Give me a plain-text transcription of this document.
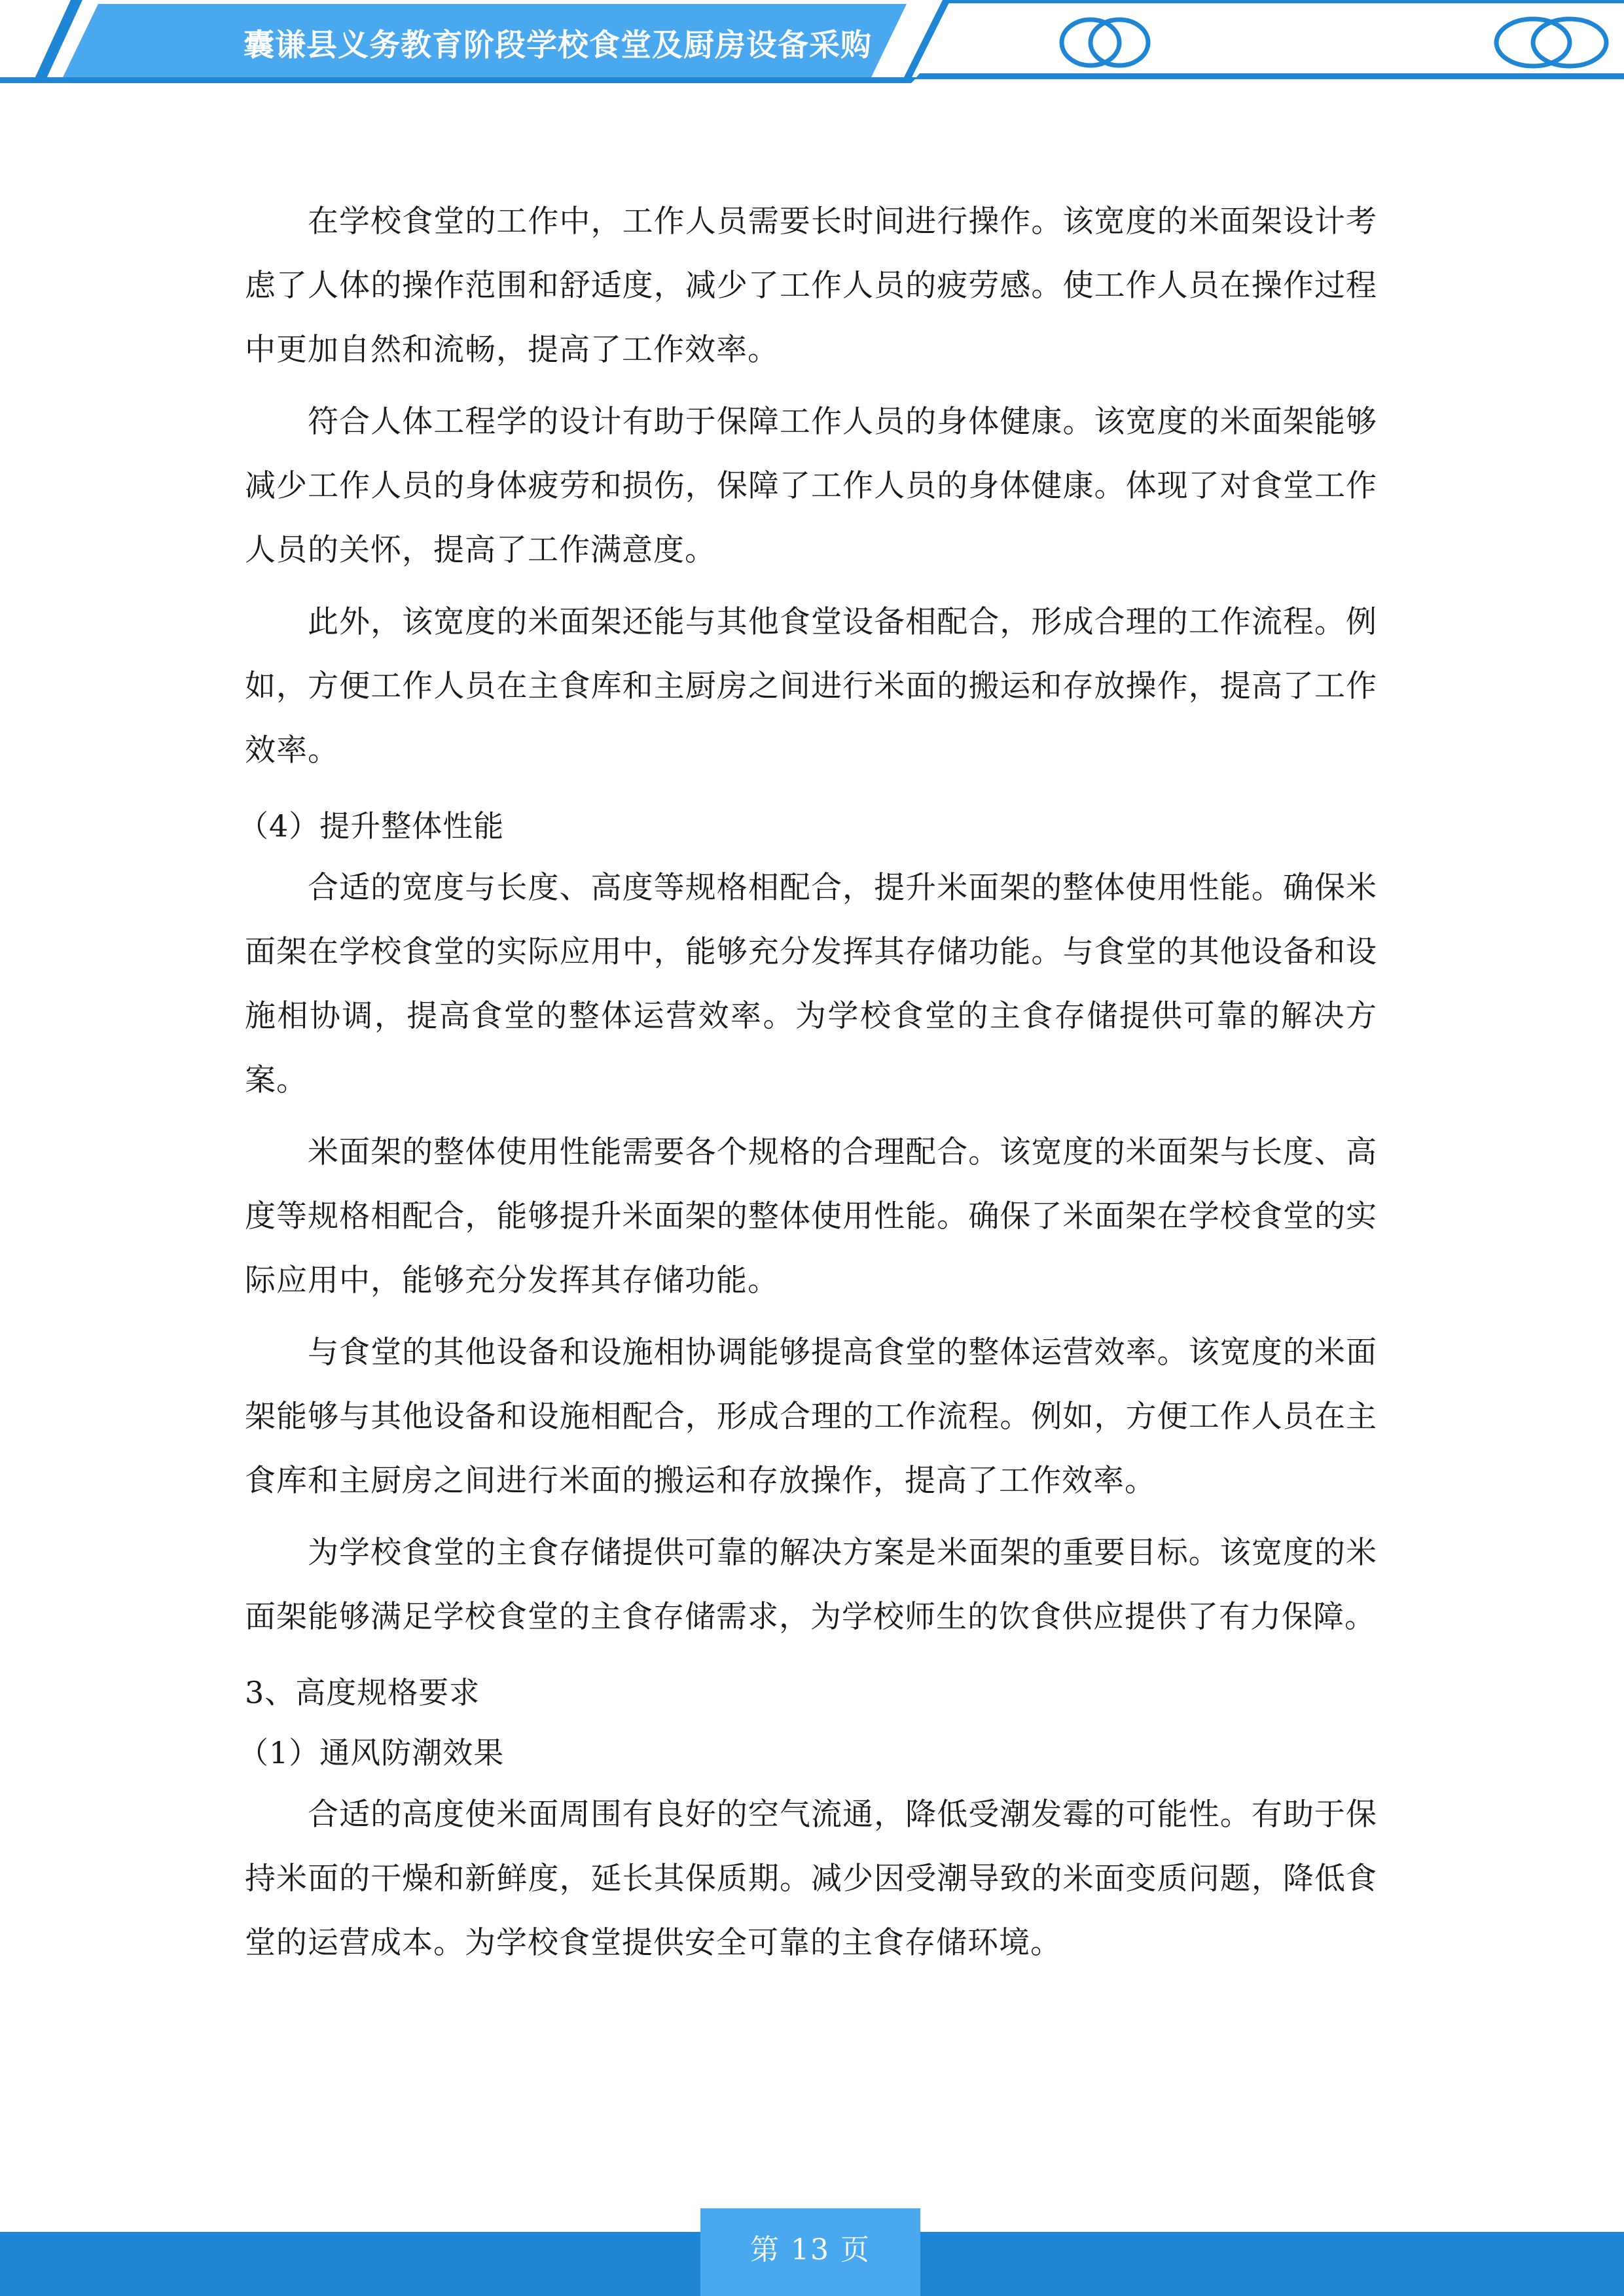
囊谦县义务教育阶段学校食堂及厨房设备采购

在学校食堂的工作中，工作人员需要长时间进行操作。该宽度的米面架设计考虑了人体的操作范围和舒适度，减少了工作人员的疲劳感。使工作人员在操作过程中更加自然和流畅，提高了工作效率。

符合人体工程学的设计有助于保障工作人员的身体健康。该宽度的米面架能够减少工作人员的身体疲劳和损伤，保障了工作人员的身体健康。体现了对食堂工作人员的关怀，提高了工作满意度。

此外，该宽度的米面架还能与其他食堂设备相配合，形成合理的工作流程。例如，方便工作人员在主食库和主厨房之间进行米面的搬运和存放操作，提高了工作效率。

（4）提升整体性能

合适的宽度与长度、高度等规格相配合，提升米面架的整体使用性能。确保米面架在学校食堂的实际应用中，能够充分发挥其存储功能。与食堂的其他设备和设施相协调，提高食堂的整体运营效率。为学校食堂的主食存储提供可靠的解决方案。

米面架的整体使用性能需要各个规格的合理配合。该宽度的米面架与长度、高度等规格相配合，能够提升米面架的整体使用性能。确保了米面架在学校食堂的实际应用中，能够充分发挥其存储功能。

与食堂的其他设备和设施相协调能够提高食堂的整体运营效率。该宽度的米面架能够与其他设备和设施相配合，形成合理的工作流程。例如，方便工作人员在主食库和主厨房之间进行米面的搬运和存放操作，提高了工作效率。

为学校食堂的主食存储提供可靠的解决方案是米面架的重要目标。该宽度的米面架能够满足学校食堂的主食存储需求，为学校师生的饮食供应提供了有力保障。

3、高度规格要求

（1）通风防潮效果

合适的高度使米面周围有良好的空气流通，降低受潮发霉的可能性。有助于保持米面的干燥和新鲜度，延长其保质期。减少因受潮导致的米面变质问题，降低食堂的运营成本。为学校食堂提供安全可靠的主食存储环境。

第 13 页
